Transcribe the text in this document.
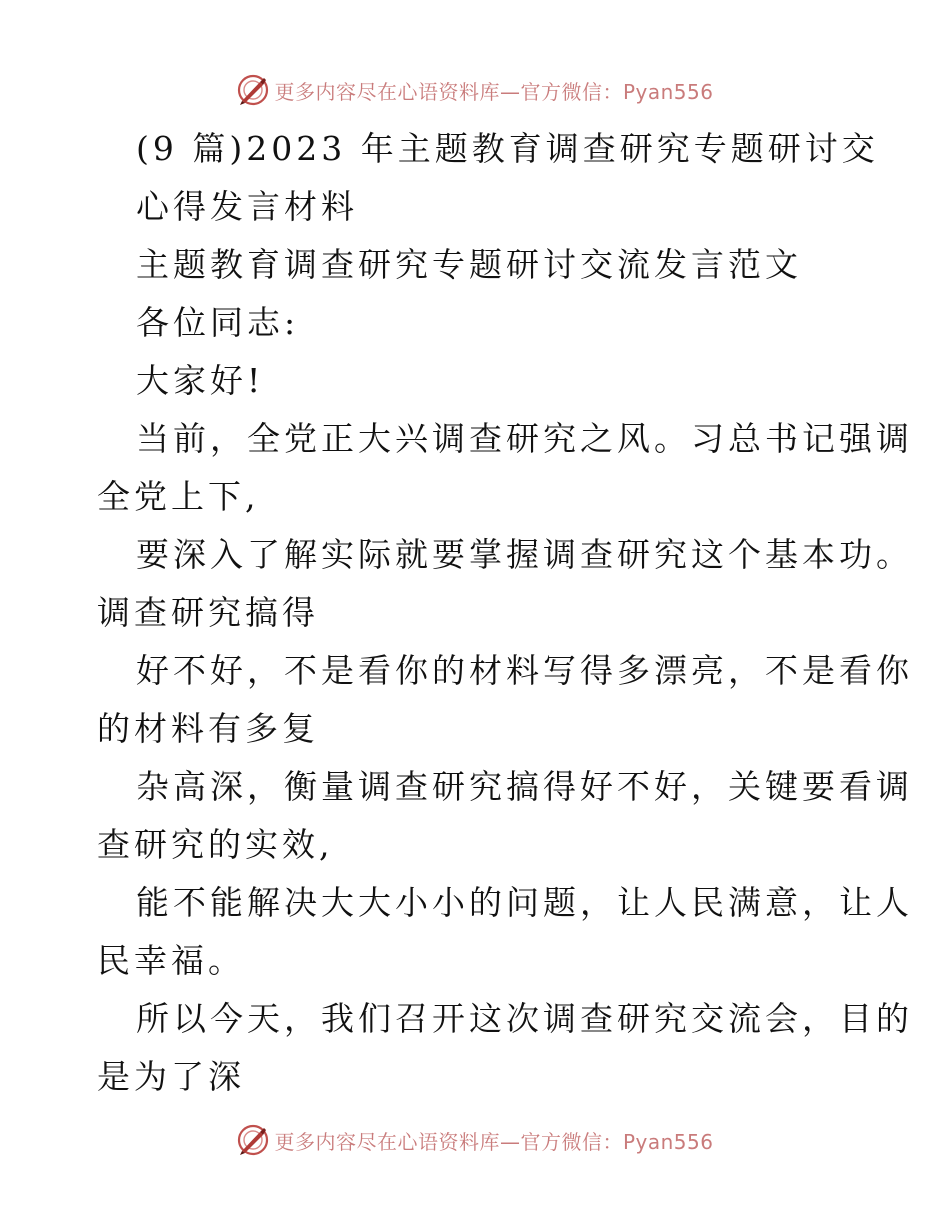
更多内容尽在心语资料库—官方微信：Pyan556
(9 篇)2023 年主题教育调查研究专题研讨交
心得发言材料
主题教育调查研究专题研讨交流发言范文
各位同志:
大家好!
当前，全党正大兴调查研究之风。习总书记强调
全党上下,
要深入了解实际就要掌握调查研究这个基本功。
调查研究搞得
好不好，不是看你的材料写得多漂亮，不是看你
的材料有多复
杂高深，衡量调查研究搞得好不好，关键要看调
查研究的实效,
能不能解决大大小小的问题，让人民满意，让人
民幸福。
所以今天，我们召开这次调查研究交流会，目的
是为了深
更多内容尽在心语资料库—官方微信：Pyan556
